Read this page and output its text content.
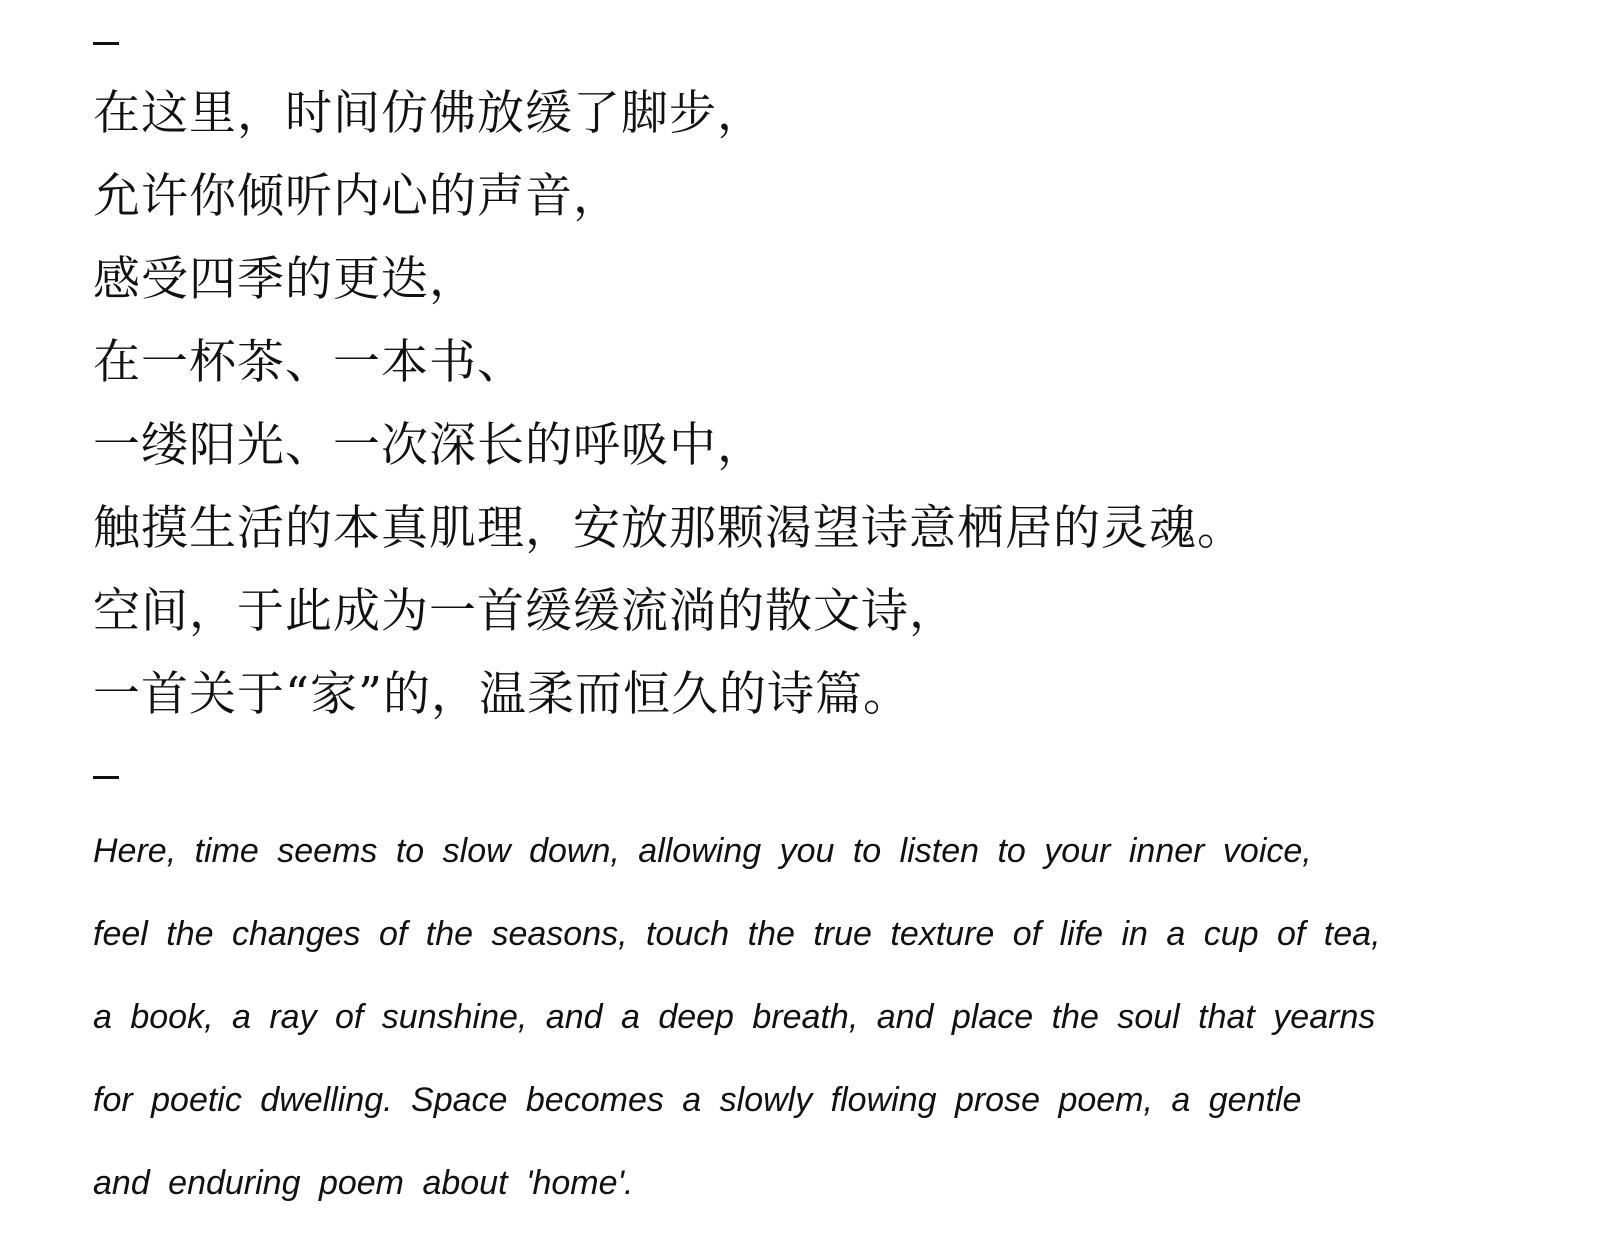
在这里，时间仿佛放缓了脚步，
允许你倾听内心的声音，
感受四季的更迭，
在一杯茶、一本书、
一缕阳光、一次深长的呼吸中，
触摸生活的本真肌理，安放那颗渴望诗意栖居的灵魂。
空间，于此成为一首缓缓流淌的散文诗，
一首关于“家”的，温柔而恒久的诗篇。
Here, time seems to slow down, allowing you to listen to your inner voice,
feel the changes of the seasons, touch the true texture of life in a cup of tea,
a book, a ray of sunshine, and a deep breath, and place the soul that yearns
for poetic dwelling. Space becomes a slowly flowing prose poem, a gentle
and enduring poem about 'home'.
